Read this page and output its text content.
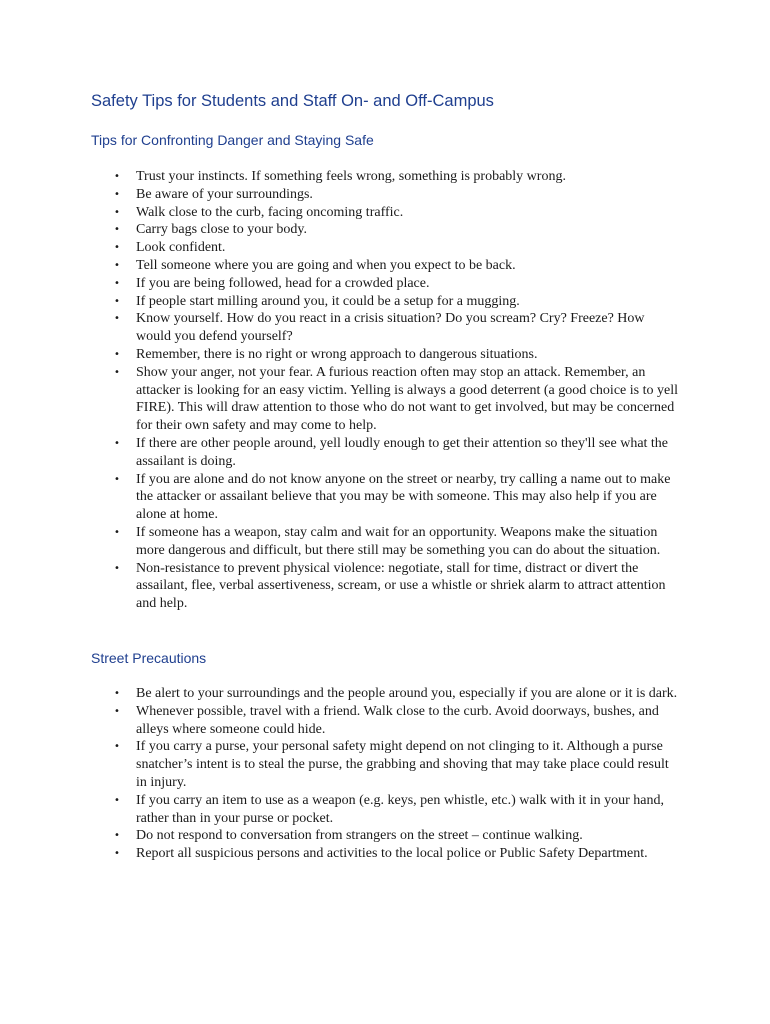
Safety Tips for Students and Staff On- and Off-Campus
Tips for Confronting Danger and Staying Safe
• Trust your instincts. If something feels wrong, something is probably wrong.
• Be aware of your surroundings.
• Walk close to the curb, facing oncoming traffic.
• Carry bags close to your body.
• Look confident.
• Tell someone where you are going and when you expect to be back.
• If you are being followed, head for a crowded place.
• If people start milling around you, it could be a setup for a mugging.
• Know yourself. How do you react in a crisis situation? Do you scream? Cry? Freeze? How would you defend yourself?
• Remember, there is no right or wrong approach to dangerous situations.
• Show your anger, not your fear. A furious reaction often may stop an attack. Remember, an attacker is looking for an easy victim. Yelling is always a good deterrent (a good choice is to yell FIRE). This will draw attention to those who do not want to get involved, but may be concerned for their own safety and may come to help.
• If there are other people around, yell loudly enough to get their attention so they'll see what the assailant is doing.
• If you are alone and do not know anyone on the street or nearby, try calling a name out to make the attacker or assailant believe that you may be with someone. This may also help if you are alone at home.
• If someone has a weapon, stay calm and wait for an opportunity. Weapons make the situation more dangerous and difficult, but there still may be something you can do about the situation.
• Non-resistance to prevent physical violence: negotiate, stall for time, distract or divert the assailant, flee, verbal assertiveness, scream, or use a whistle or shriek alarm to attract attention and help.
Street Precautions
• Be alert to your surroundings and the people around you, especially if you are alone or it is dark.
• Whenever possible, travel with a friend. Walk close to the curb. Avoid doorways, bushes, and alleys where someone could hide.
• If you carry a purse, your personal safety might depend on not clinging to it. Although a purse snatcher’s intent is to steal the purse, the grabbing and shoving that may take place could result in injury.
• If you carry an item to use as a weapon (e.g. keys, pen whistle, etc.) walk with it in your hand, rather than in your purse or pocket.
• Do not respond to conversation from strangers on the street – continue walking.
• Report all suspicious persons and activities to the local police or Public Safety Department.
